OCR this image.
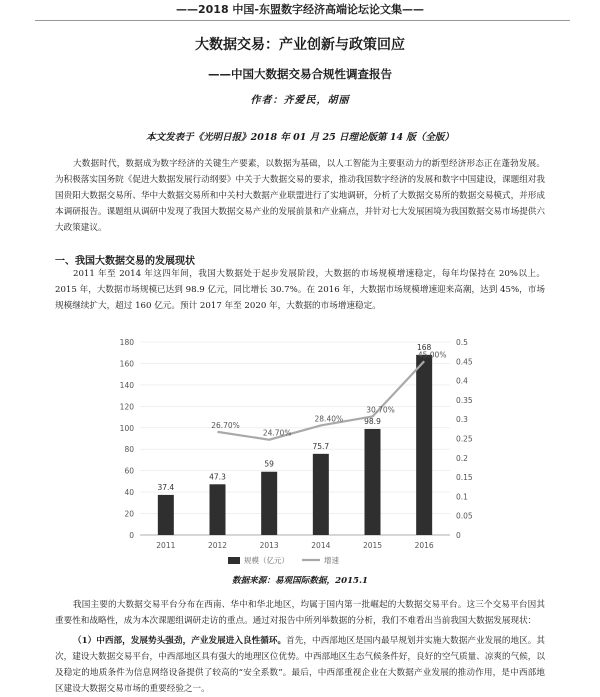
——2018 中国-东盟数字经济高端论坛论文集——
大数据交易：产业创新与政策回应
——中国大数据交易合规性调查报告
作者：齐爱民，胡丽
本文发表于《光明日报》2018 年 01 月 25 日理论版第 14 版（全版）

大数据时代，数据成为数字经济的关键生产要素，以数据为基础，以人工智能为主要驱动力的新型经济形态正在蓬勃发展。为积极落实国务院《促进大数据发展行动纲要》中关于大数据交易的要求，推动我国数字经济的发展和数字中国建设，课题组对我国贵阳大数据交易所、华中大数据交易所和中关村大数据产业联盟进行了实地调研，分析了大数据交易所的数据交易模式，并形成本调研报告。课题组从调研中发现了我国大数据交易产业的发展前景和产业痛点，并针对七大发展困境为我国数据交易市场提供六大政策建议。

一、我国大数据交易的发展现状

2011 年至 2014 年这四年间，我国大数据处于起步发展阶段，大数据的市场规模增速稳定，每年均保持在 20%以上。2015 年，大数据市场规模已达到 98.9 亿元，同比增长 30.7%。在 2016 年，大数据市场规模增速迎来高潮，达到 45%，市场规模继续扩大，超过 160 亿元。预计 2017 年至 2020 年，大数据的市场增速稳定。

0
20
40
60
80
100
120
140
160
180
0
0.05
0.1
0.15
0.2
0.25
0.3
0.35
0.4
0.45
0.5
2011
37.4
2012
47.3
2013
59
2014
75.7
2015
98.9
2016
168
26.70%
24.70%
28.40%
30.70%
45.00%
规模（亿元）	增速
数据来源：易观国际数据，2015.1

我国主要的大数据交易平台分布在西南、华中和华北地区，均属于国内第一批崛起的大数据交易平台。这三个交易平台因其重要性和战略性，成为本次课题组调研走访的重点。通过对报告中所列举数据的分析，我们不难看出当前我国大数据发展现状：

（1）中西部，发展势头强劲，产业发展进入良性循环。首先，中西部地区是国内最早规划并实施大数据产业发展的地区。其次，建设大数据交易平台，中西部地区具有强大的地理区位优势。中西部地区生态气候条件好，良好的空气质量、凉爽的气候，以及稳定的地质条件为信息网络设备提供了较高的“安全系数”。最后，中西部重视企业在大数据产业发展的推动作用，是中西部地区建设大数据交易市场的重要经验之一。
